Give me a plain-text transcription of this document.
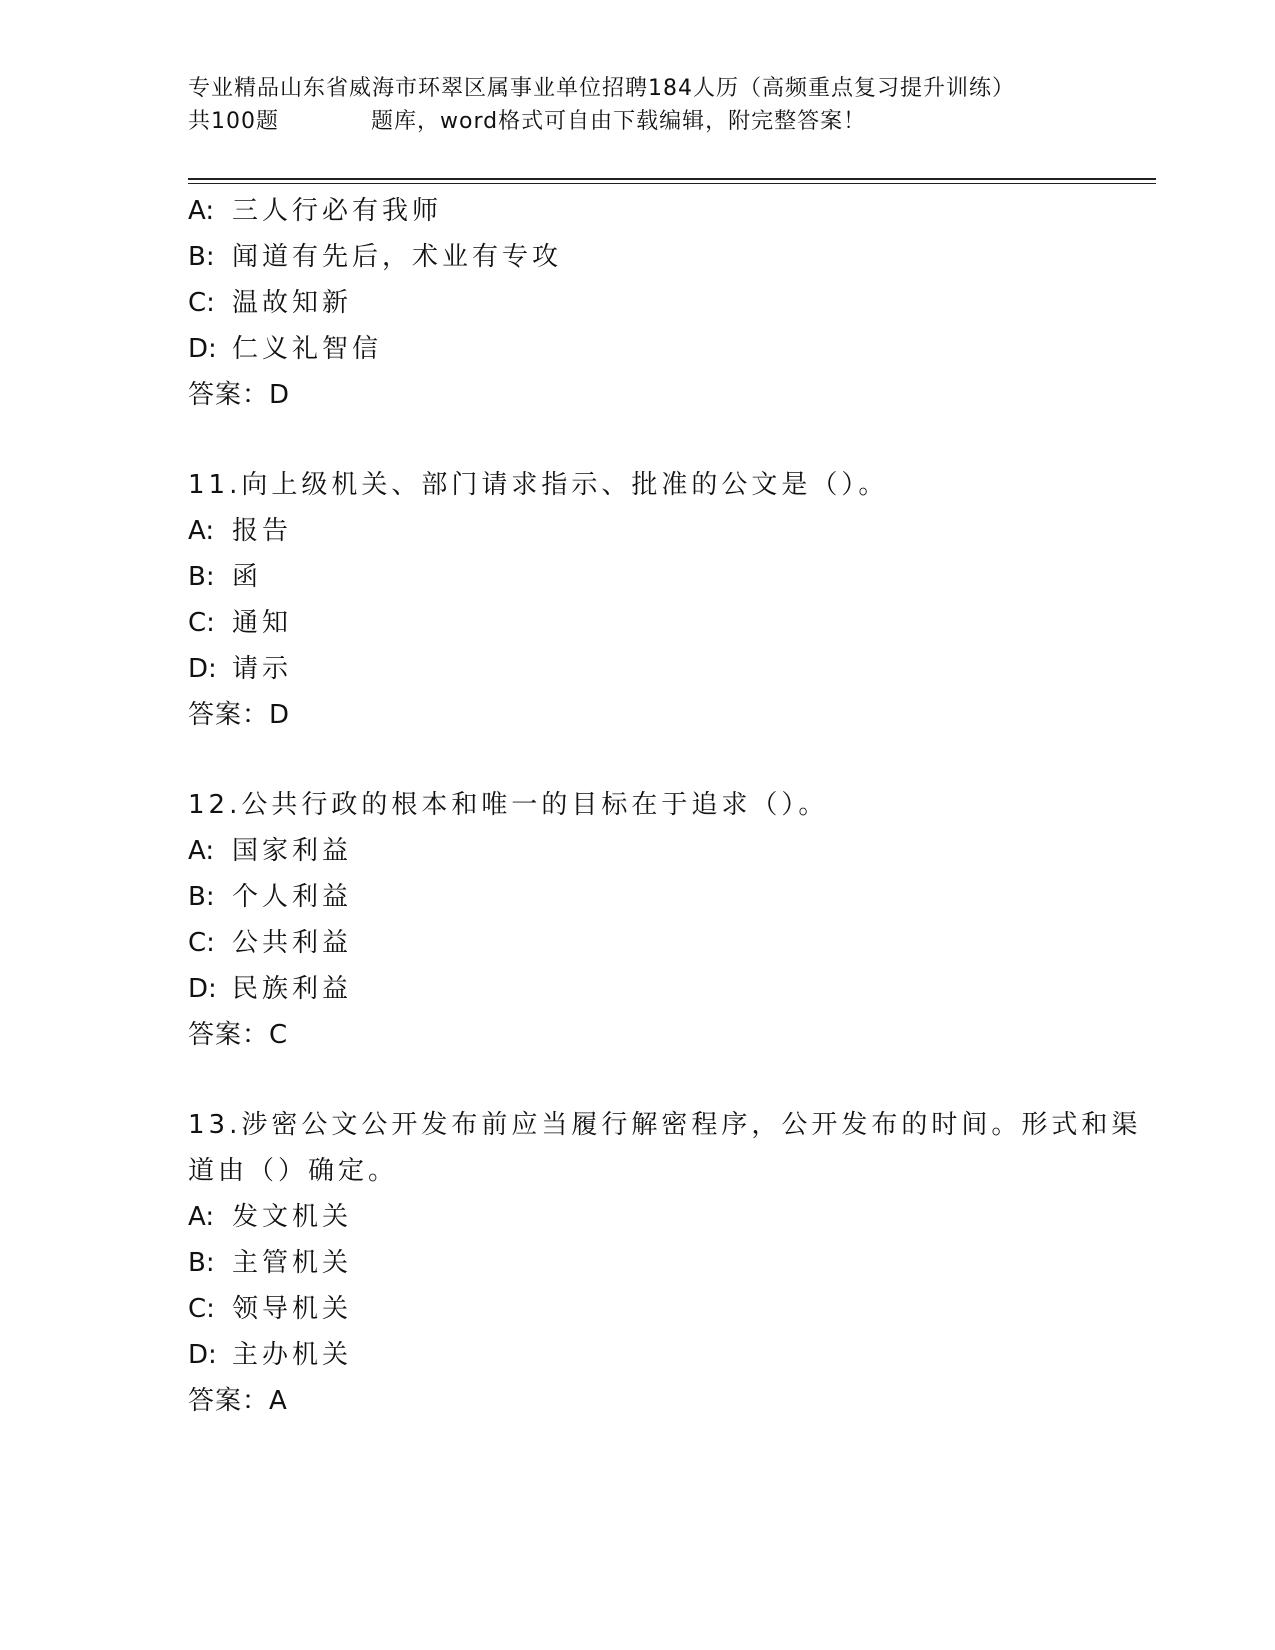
专业精品山东省威海市环翠区属事业单位招聘184人历（高频重点复习提升训练）
共100题	题库，word格式可自由下载编辑，附完整答案！
A: 三人行必有我师
B: 闻道有先后，术业有专攻
C: 温故知新
D: 仁义礼智信
答案：D
11.向上级机关、部门请求指示、批准的公文是（）。
A: 报告
B: 函
C: 通知
D: 请示
答案：D
12.公共行政的根本和唯一的目标在于追求（）。
A: 国家利益
B: 个人利益
C: 公共利益
D: 民族利益
答案：C
13.涉密公文公开发布前应当履行解密程序，公开发布的时间。形式和渠道由（）确定。
A: 发文机关
B: 主管机关
C: 领导机关
D: 主办机关
答案：A
